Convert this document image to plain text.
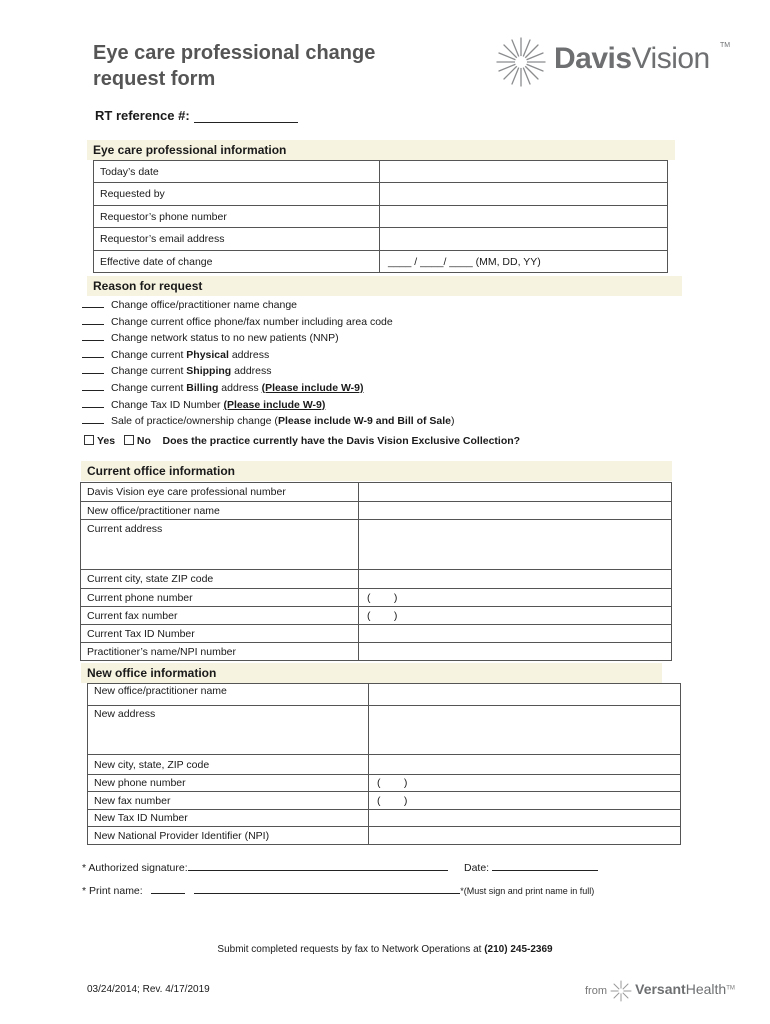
Eye care professional change
request form
DavisVision TM
RT reference #:
Eye care professional information
Today’s date	
Requested by	
Requestor’s phone number	
Requestor’s email address	
Effective date of change	____ / ____/ ____ (MM, DD, YY)
Reason for request
Change office/practitioner name change
Change current office phone/fax number including area code
Change network status to no new patients (NNP)
Change current Physical address
Change current Shipping address
Change current Billing address (Please include W-9)
Change Tax ID Number (Please include W-9)
Sale of practice/ownership change (Please include W-9 and Bill of Sale)
Yes No Does the practice currently have the Davis Vision Exclusive Collection?
Current office information
Davis Vision eye care professional number	
New office/practitioner name	
Current address	
Current city, state ZIP code	
Current phone number	(        )
Current fax number	(        )
Current Tax ID Number	
Practitioner’s name/NPI number	
New office information
New office/practitioner name	
New address	
New city, state, ZIP code	
New phone number	(        )
New fax number	(        )
New Tax ID Number	
New National Provider Identifier (NPI)	
* Authorized signature:	Date:
* Print name:	*(Must sign and print name in full)
Submit completed requests by fax to Network Operations at (210) 245-2369
03/24/2014; Rev. 4/17/2019	from VersantHealth™
